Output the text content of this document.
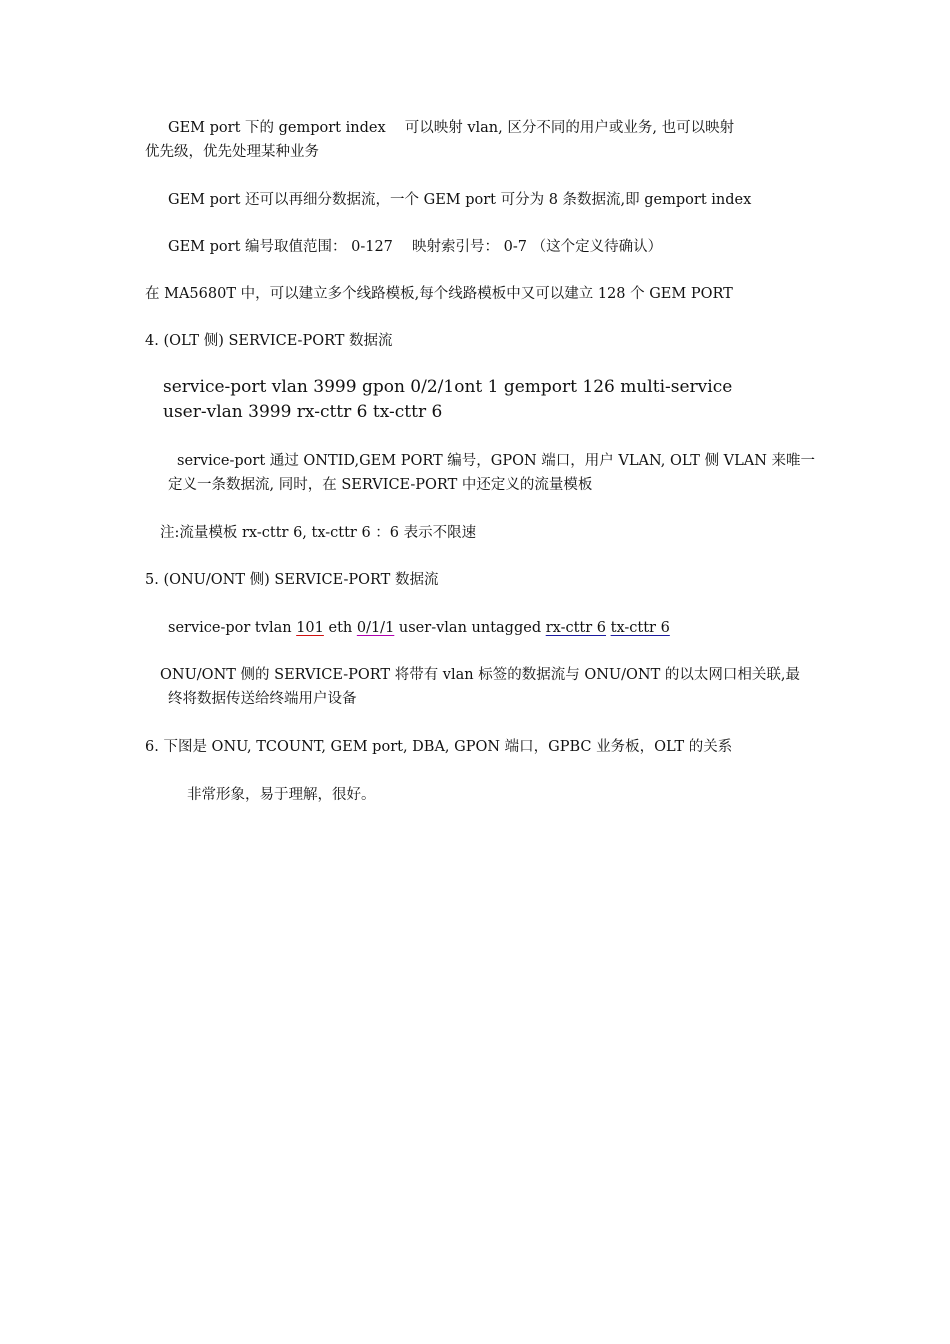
GEM port 下的 gemport index　 可以映射 vlan, 区分不同的用户或业务, 也可以映射
优先级，优先处理某种业务
GEM port 还可以再细分数据流，一个 GEM port 可分为 8 条数据流,即 gemport index
GEM port 编号取值范围： 0-127　 映射索引号： 0-7 （这个定义待确认）
在 MA5680T 中，可以建立多个线路模板,每个线路模板中又可以建立 128 个 GEM PORT
4. (OLT 侧) SERVICE-PORT 数据流
service-port vlan 3999 gpon 0/2/1ont 1 gemport 126 multi-service
user-vlan 3999 rx-cttr 6 tx-cttr 6
service-port 通过 ONTID,GEM PORT 编号，GPON 端口，用户 VLAN, OLT 侧 VLAN 来唯一
定义一条数据流, 同时，在 SERVICE-PORT 中还定义的流量模板
注:流量模板 rx-cttr 6, tx-cttr 6 ：6 表示不限速
5. (ONU/ONT 侧) SERVICE-PORT 数据流
service-por tvlan 101 eth 0/1/1 user-vlan untagged rx-cttr 6 tx-cttr 6
ONU/ONT 侧的 SERVICE-PORT 将带有 vlan 标签的数据流与 ONU/ONT 的以太网口相关联,最
终将数据传送给终端用户设备
6. 下图是 ONU, TCOUNT, GEM port, DBA, GPON 端口，GPBC 业务板，OLT 的关系
非常形象，易于理解，很好。
